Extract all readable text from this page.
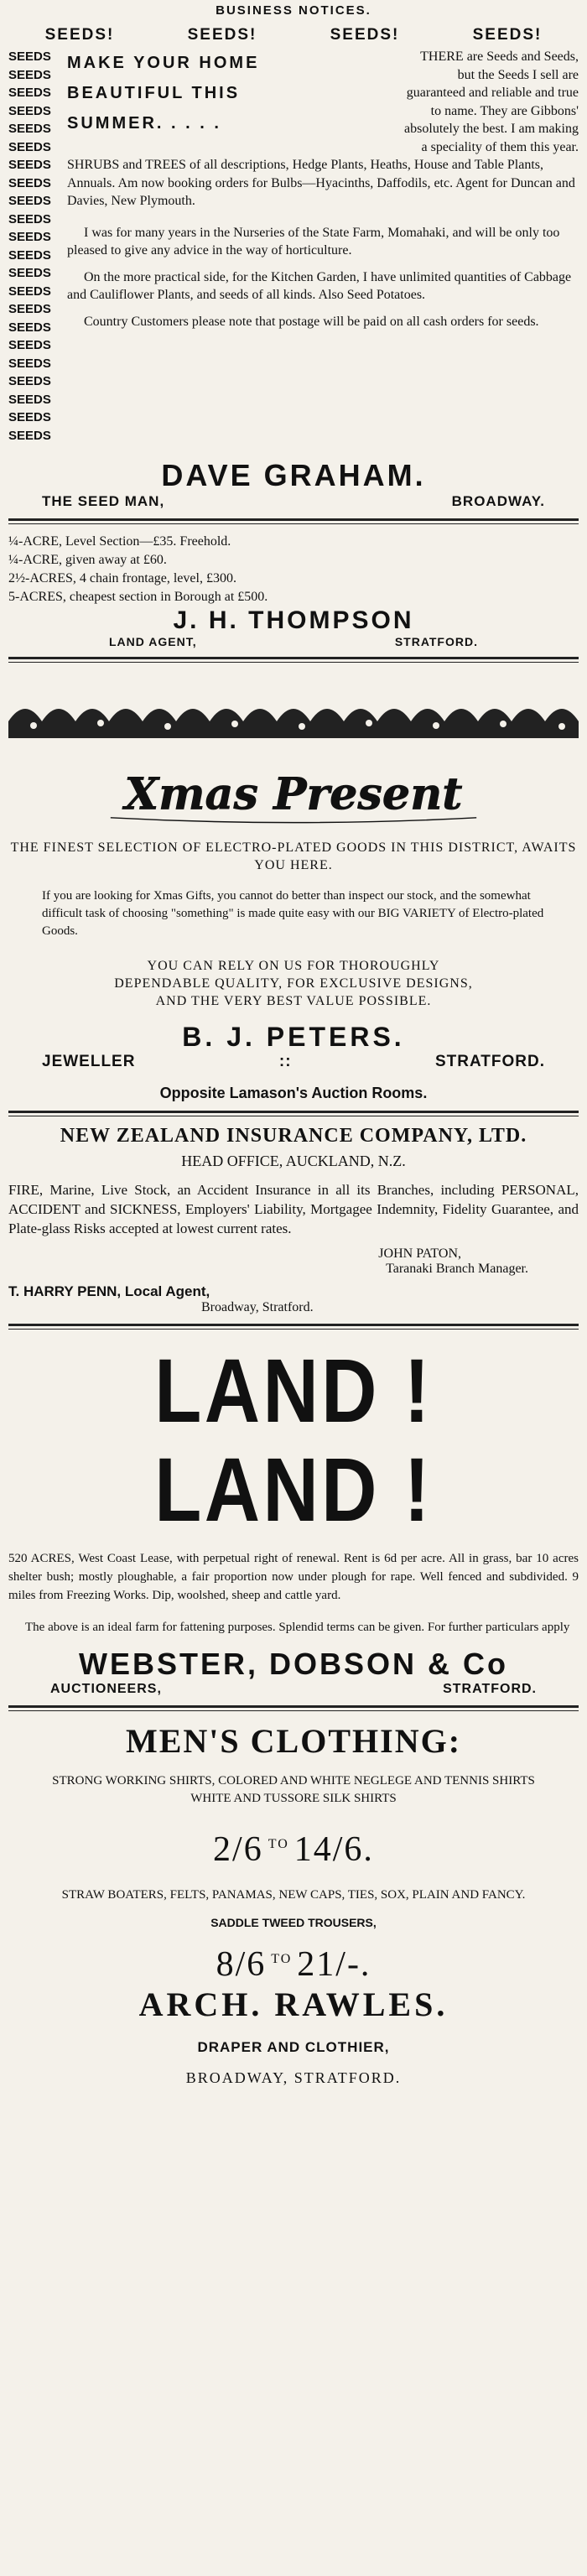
BUSINESS NOTICES.
SEEDS!	SEEDS!	SEEDS!	SEEDS!
SEEDS
SEEDS
SEEDS
SEEDS
SEEDS
SEEDS
SEEDS
SEEDS
SEEDS
SEEDS
SEEDS
SEEDS
SEEDS
SEEDS
SEEDS
SEEDS
SEEDS
SEEDS
SEEDS
SEEDS
SEEDS
SEEDS
MAKE YOUR HOME
BEAUTIFUL THIS
SUMMER. . . . .
THERE are Seeds and Seeds,
but the Seeds I sell are
guaranteed and reliable and true
to name. They are Gibbons'
absolutely the best. I am making
a speciality of them this year.
SHRUBS and TREES of all descriptions, Hedge Plants, Heaths, House and Table Plants, Annuals. Am now booking orders for Bulbs—Hyacinths, Daffodils, etc. Agent for Duncan and Davies, New Plymouth.
I was for many years in the Nurseries of the State Farm, Momahaki, and will be only too pleased to give any advice in the way of horticulture.
On the more practical side, for the Kitchen Garden, I have unlimited quantities of Cabbage and Cauliflower Plants, and seeds of all kinds. Also Seed Potatoes.
Country Customers please note that postage will be paid on all cash orders for seeds.
DAVE GRAHAM.
THE SEED MAN,	BROADWAY.
¼-ACRE, Level Section—£35. Freehold.
¼-ACRE, given away at £60.
2½-ACRES, 4 chain frontage, level, £300.
5-ACRES, cheapest section in Borough at £500.
J. H. THOMPSON
LAND AGENT,	STRATFORD.

Xmas Present
THE FINEST SELECTION OF ELECTRO-PLATED GOODS IN THIS DISTRICT, AWAITS YOU HERE.
If you are looking for Xmas Gifts, you cannot do better than inspect our stock, and the somewhat difficult task of choosing "something" is made quite easy with our BIG VARIETY of Electro-plated Goods.
YOU CAN RELY ON US FOR THOROUGHLY DEPENDABLE QUALITY, FOR EXCLUSIVE DESIGNS, AND THE VERY BEST VALUE POSSIBLE.
B. J. PETERS.
JEWELLER	::	STRATFORD.
Opposite Lamason's Auction Rooms.
NEW ZEALAND INSURANCE COMPANY, LTD.
HEAD OFFICE, AUCKLAND, N.Z.
FIRE, Marine, Live Stock, an Accident Insurance in all its Branches, including PERSONAL, ACCIDENT and SICKNESS, Employers' Liability, Mortgagee Indemnity, Fidelity Guarantee, and Plate-glass Risks accepted at lowest current rates.
JOHN PATON,
Taranaki Branch Manager.
T. HARRY PENN, Local Agent,
Broadway, Stratford.
LAND ! LAND !
520 ACRES, West Coast Lease, with perpetual right of renewal. Rent is 6d per acre. All in grass, bar 10 acres shelter bush; mostly ploughable, a fair proportion now under plough for rape. Well fenced and subdivided. 9 miles from Freezing Works. Dip, woolshed, sheep and cattle yard.
The above is an ideal farm for fattening purposes. Splendid terms can be given. For further particulars apply
WEBSTER, DOBSON & Co
AUCTIONEERS,	STRATFORD.
MEN'S CLOTHING:
STRONG WORKING SHIRTS, COLORED AND WHITE NEGLEGE AND TENNIS SHIRTS WHITE AND TUSSORE SILK SHIRTS
2/6 $^{TO}$ 14/6.
STRAW BOATERS, FELTS, PANAMAS, NEW CAPS, TIES, SOX, PLAIN AND FANCY.
SADDLE TWEED TROUSERS,
8/6 $^{TO}$ 21/-.
ARCH. RAWLES.
DRAPER AND CLOTHIER,
BROADWAY, STRATFORD.
